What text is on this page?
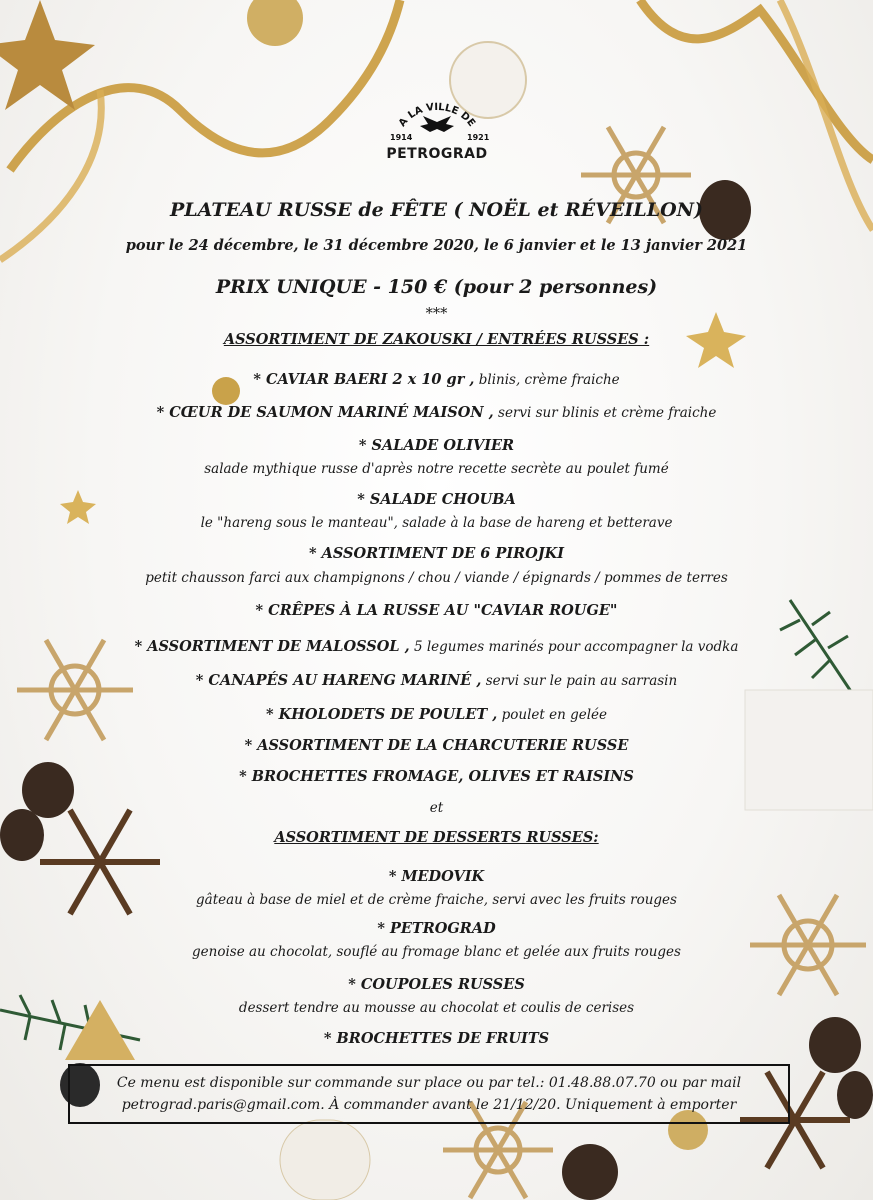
A LA VILLE DE
1914	1921
PETROGRAD
PLATEAU RUSSE de FÊTE ( NOËL et RÉVEILLON)
pour le 24 décembre, le 31 décembre 2020, le 6 janvier et le 13 janvier 2021
PRIX UNIQUE - 150 € (pour 2 personnes)
***
ASSORTIMENT DE ZAKOUSKI / ENTRÉES RUSSES :
* CAVIAR BAERI 2 x 10 gr , blinis, crème fraiche
* CŒUR DE SAUMON MARINÉ MAISON , servi sur blinis et crème fraiche
* SALADE OLIVIER
salade mythique russe d'après notre recette secrète au poulet fumé
* SALADE CHOUBA
le "hareng sous le manteau", salade à la base de hareng et betterave
* ASSORTIMENT DE 6 PIROJKI
petit chausson farci aux champignons / chou / viande / épignards / pommes de terres
* CRÊPES À LA RUSSE AU "CAVIAR ROUGE"
* ASSORTIMENT DE MALOSSOL , 5 legumes marinés pour accompagner la vodka
* CANAPÉS AU HARENG MARINÉ , servi sur le pain au sarrasin
* KHOLODETS DE POULET , poulet en gelée
* ASSORTIMENT DE LA CHARCUTERIE RUSSE
* BROCHETTES FROMAGE, OLIVES ET RAISINS
et
ASSORTIMENT DE DESSERTS RUSSES:
* MEDOVIK
gâteau à base de miel et de crème fraiche, servi avec les fruits rouges
* PETROGRAD
genoise au chocolat, souflé au fromage blanc et gelée aux fruits rouges
* COUPOLES RUSSES
dessert tendre au mousse au chocolat et coulis de cerises
* BROCHETTES DE FRUITS
Ce menu est disponible sur commande sur place ou par tel.: 01.48.88.07.70 ou par mail
petrograd.paris@gmail.com. À commander avant le 21/12/20. Uniquement à emporter
